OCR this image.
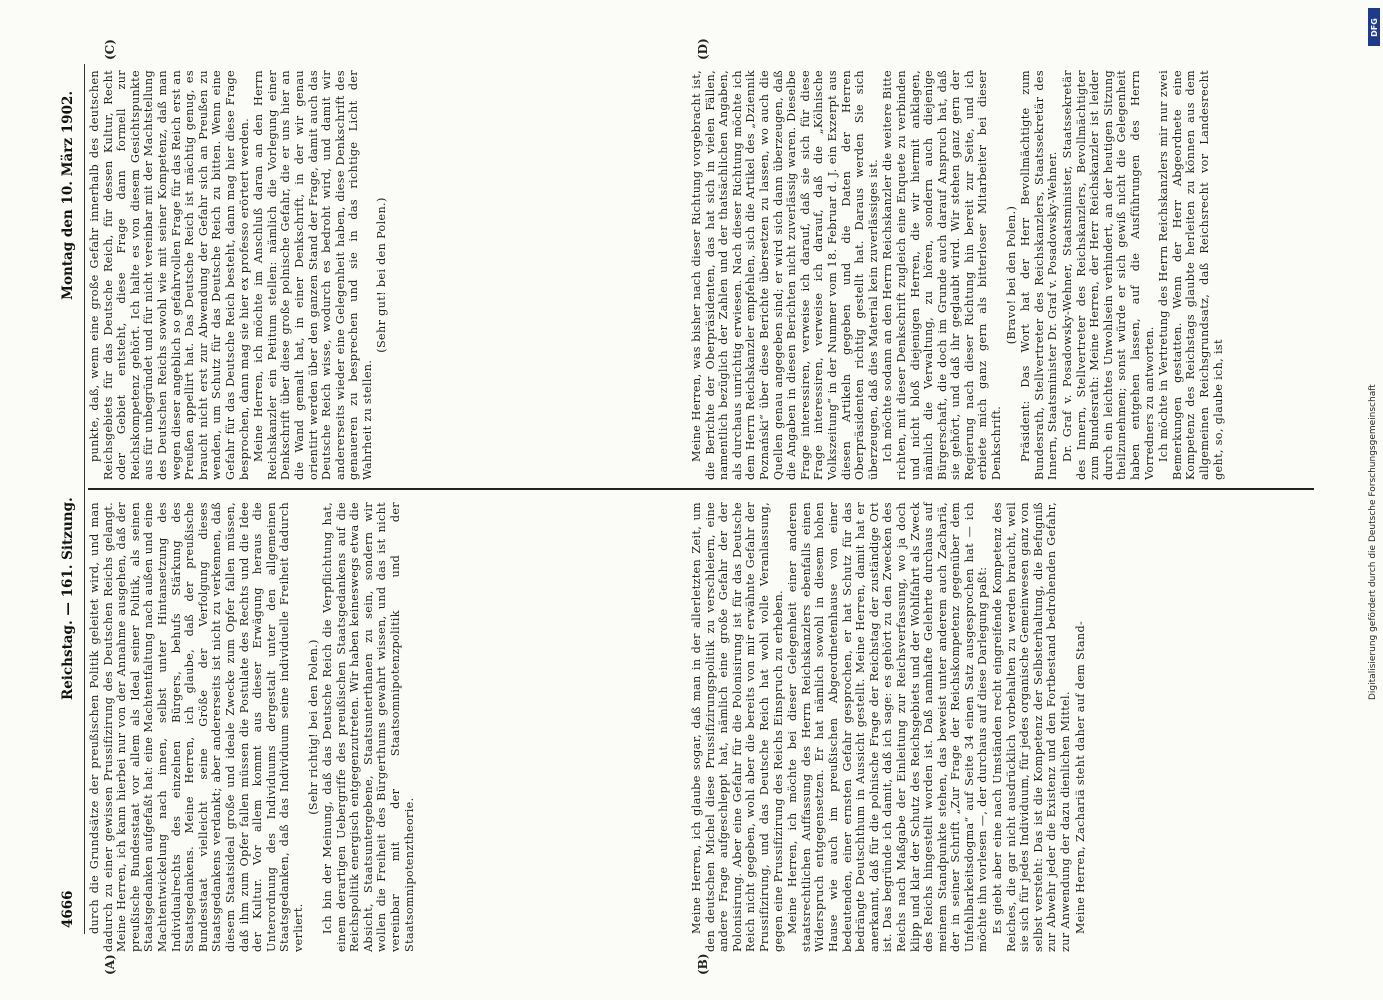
4666
Reichstag. — 161. Sitzung.
Montag den 10. März 1902.
(A)	(B)
(C)	(D)

durch die Grundsätze der preußischen Politik geleitet wird, und man dadurch zu einer gewissen Prussifizirung des Deutschen Reichs gelangt. Meine Herren, ich kann hierbei nur von der Annahme ausgehen, daß der preußische Bundesstaat vor allem als Ideal seiner Politik, als seinen Staatsgedanken aufgefaßt hat: eine Machtentfaltung nach außen und eine Machtentwickelung nach innen, selbst unter Hintansetzung des Individualrechts des einzelnen Bürgers, behufs Stärkung des Staatsgedankens. Meine Herren, ich glaube, daß der preußische Bundesstaat vielleicht seine Größe der Verfolgung dieses Staatsgedankens verdankt; aber andererseits ist nicht zu verkennen, daß diesem Staatsideal große und ideale Zwecke zum Opfer fallen müssen, daß ihm zum Opfer fallen müssen die Postulate des Rechts und die Idee der Kultur. Vor allem kommt aus dieser Erwägung heraus die Unterordnung des Individuums dergestalt unter den allgemeinen Staatsgedanken, daß das Individuum seine individuelle Freiheit dadurch verliert.

(Sehr richtig! bei den Polen.) Ich bin der Meinung, daß das Deutsche Reich die Verpflichtung hat, einem derartigen Uebergriffe des preußischen Staatsgedankens auf die Reichspolitik energisch entgegenzutreten. Wir haben keineswegs etwa die Absicht, Staatsuntergebene, Staatsunterthanen zu sein, sondern wir wollen die Freiheit des Bürgerthums gewahrt wissen, und das ist nicht vereinbar mit der Staatsomnipotenzpolitik und der Staatsomnipotenztheorie.	Meine Herren, ich glaube sogar, daß man in der allerletzten Zeit, um den deutschen Michel diese Prussifizirungspolitik zu verschleiern, eine andere Frage aufgeschleppt hat, nämlich eine große Gefahr der der Polonisirung. Aber eine Gefahr für die Polonisirung ist für das Deutsche Reich nicht gegeben, wohl aber die bereits von mir erwähnte Gefahr der Prussifizirung, und das Deutsche Reich hat wohl volle Veranlassung, gegen eine Prussifizirung des Reichs Einspruch zu erheben. Meine Herren, ich möchte bei dieser Gelegenheit einer anderen staatsrechtlichen Auffassung des Herrn Reichskanzlers ebenfalls einen Widerspruch entgegensetzen. Er hat nämlich sowohl in diesem hohen Hause wie auch im preußischen Abgeordnetenhause von einer bedeutenden, einer ernsten Gefahr gesprochen, er hat Schutz für das bedrängte Deutschthum in Aussicht gestellt. Meine Herren, damit hat er anerkannt, daß für die polnische Frage der Reichstag der zuständige Ort ist. Das begründe ich damit, daß ich sage: es gehört zu den Zwecken des Reichs nach Maßgabe der Einleitung zur Reichsverfassung, wo ja doch klipp und klar der Schutz des Reichsgebiets und der Wohlfahrt als Zweck des Reichs hingestellt worden ist. Daß namhafte Gelehrte durchaus auf meinem Standpunkte stehen, das beweist unter anderem auch Zachariä, der in seiner Schrift „Zur Frage der Reichskompetenz gegenüber dem Unfehlbarkeitsdogma“ auf Seite 34 einen Satz ausgesprochen hat — ich möchte ihn vorlesen —, der durchaus auf diese Darlegung paßt: Es giebt aber eine nach Umständen recht eingreifende Kompetenz des Reiches, die gar nicht ausdrücklich vorbehalten zu werden braucht, weil sie sich für jedes Individuum, für jedes organische Gemeinwesen ganz von selbst versteht: Das ist die Kompetenz der Selbsterhaltung, die Befugniß zur Abwehr jeder die Existenz und den Fortbestand bedrohenden Gefahr, zur Anwendung der dazu dienlichen Mittel. Meine Herren, Zachariä steht daher auf dem Stand-

punkte, daß, wenn eine große Gefahr innerhalb des deutschen Reichsgebiets für das Deutsche Reich, für dessen Kultur, Recht oder Gebiet entsteht, diese Frage dann formell zur Reichskompetenz gehört. Ich halte es von diesem Gesichtspunkte aus für unbegründet und für nicht vereinbar mit der Machtstellung des Deutschen Reichs sowohl wie mit seiner Kompetenz, daß man wegen dieser angeblich so gefahrvollen Frage für das Reich erst an Preußen appellirt hat. Das Deutsche Reich ist mächtig genug, es braucht nicht erst zur Abwendung der Gefahr sich an Preußen zu wenden, um Schutz für das Deutsche Reich zu bitten. Wenn eine Gefahr für das Deutsche Reich besteht, dann mag hier diese Frage besprochen, dann mag sie hier ex professo erörtert werden. Meine Herren, ich möchte im Anschluß daran an den Herrn Reichskanzler ein Petitum stellen: nämlich die Vorlegung einer Denkschrift über diese große polnische Gefahr, die er uns hier an die Wand gemalt hat, in einer Denkschrift, in der wir genau orientirt werden über den ganzen Stand der Frage, damit auch das Deutsche Reich wisse, wodurch es bedroht wird, und damit wir andererseits wieder eine Gelegenheit haben, diese Denkschrift des genaueren zu besprechen und sie in das richtige Licht der Wahrheit zu stellen.

(Sehr gut! bei den Polen.)	Meine Herren, was bisher nach dieser Richtung vorgebracht ist, die Berichte der Oberpräsidenten, das hat sich in vielen Fällen, namentlich bezüglich der Zahlen und der thatsächlichen Angaben, als durchaus unrichtig erwiesen. Nach dieser Richtung möchte ich dem Herrn Reichskanzler empfehlen, sich die Artikel des „Dziennik Poznański“ über diese Berichte übersetzen zu lassen, wo auch die Quellen genau angegeben sind; er wird sich dann überzeugen, daß die Angaben in diesen Berichten nicht zuverlässig waren. Dieselbe Frage interessiren, verweise ich darauf, daß sie sich für diese Frage interessiren, verweise ich darauf, daß die „Kölnische Volkszeitung“ in der Nummer vom 18. Februar d. J. ein Exzerpt aus diesen Artikeln gegeben und die Daten der Herren Oberpräsidenten richtig gestellt hat. Daraus werden Sie sich überzeugen, daß dies Material kein zuverlässiges ist. Ich möchte sodann an den Herrn Reichskanzler die weitere Bitte richten, mit dieser Denkschrift zugleich eine Enquete zu verbinden und nicht bloß diejenigen Herren, die wir hiermit anklagen, nämlich die Verwaltung, zu hören, sondern auch diejenige Bürgerschaft, die doch im Grunde auch darauf Anspruch hat, daß sie gehört, und daß ihr geglaubt wird. Wir stehen ganz gern der Regierung nach dieser Richtung hin bereit zur Seite, und ich erbiete mich ganz gern als bitterloser Mitarbeiter bei dieser Denkschrift.

(Bravo! bei den Polen.) Präsident: Das Wort hat der Herr Bevollmächtigte zum Bundesrath, Stellvertreter des Reichskanzlers, Staatssekretär des Innern, Staatsminister Dr. Graf v. Posadowsky-Wehner. Dr. Graf v. Posadowsky-Wehner, Staatsminister, Staatssekretär des Innern, Stellvertreter des Reichskanzlers, Bevollmächtigter zum Bundesrath: Meine Herren, der Herr Reichskanzler ist leider durch ein leichtes Unwohlsein verhindert, an der heutigen Sitzung theilzunehmen; sonst würde er sich gewiß nicht die Gelegenheit haben entgehen lassen, auf die Ausführungen des Herrn Vorredners zu antworten. Ich möchte in Vertretung des Herrn Reichskanzlers mir nur zwei Bemerkungen gestatten. Wenn der Herr Abgeordnete eine Kompetenz des Reichstags glaubte herleiten zu können aus dem allgemeinen Reichsgrundsatz, daß Reichsrecht vor Landesrecht geht, so, glaube ich, ist	Digitalisierung gefördert durch die Deutsche Forschungsgemeinschaft
DFG
